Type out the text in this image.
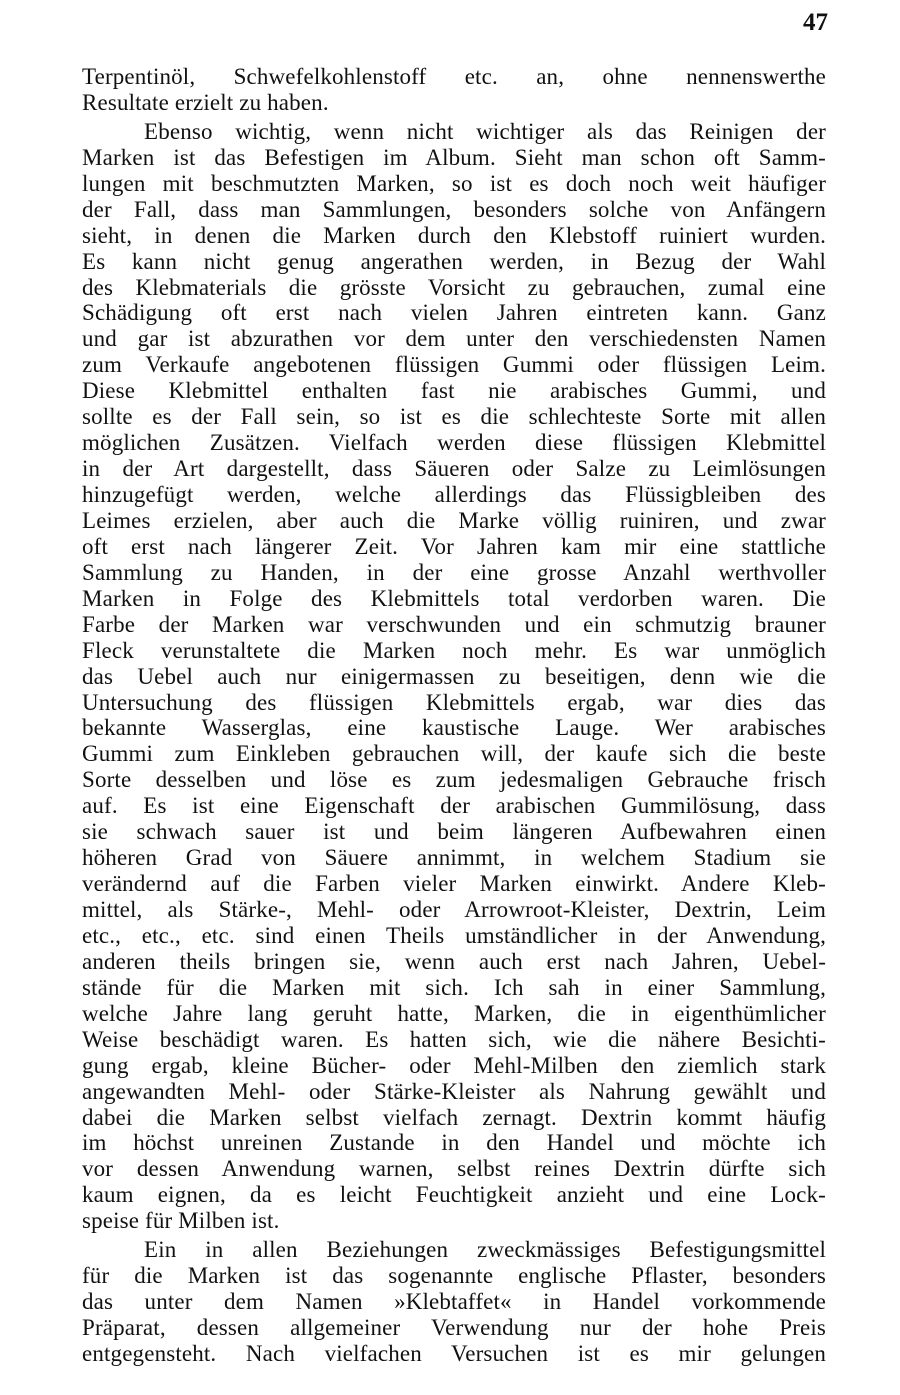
47
Terpentinöl, Schwefelkohlenstoff etc. an, ohne nennenswerthe
Resultate erzielt zu haben.
Ebenso wichtig, wenn nicht wichtiger als das Reinigen der
Marken ist das Befestigen im Album. Sieht man schon oft Samm-
lungen mit beschmutzten Marken, so ist es doch noch weit häufiger
der Fall, dass man Sammlungen, besonders solche von Anfängern
sieht, in denen die Marken durch den Klebstoff ruiniert wurden.
Es kann nicht genug angerathen werden, in Bezug der Wahl
des Klebmaterials die grösste Vorsicht zu gebrauchen, zumal eine
Schädigung oft erst nach vielen Jahren eintreten kann. Ganz
und gar ist abzurathen vor dem unter den verschiedensten Namen
zum Verkaufe angebotenen flüssigen Gummi oder flüssigen Leim.
Diese Klebmittel enthalten fast nie arabisches Gummi, und
sollte es der Fall sein, so ist es die schlechteste Sorte mit allen
möglichen Zusätzen. Vielfach werden diese flüssigen Klebmittel
in der Art dargestellt, dass Säueren oder Salze zu Leimlösungen
hinzugefügt werden, welche allerdings das Flüssigbleiben des
Leimes erzielen, aber auch die Marke völlig ruiniren, und zwar
oft erst nach längerer Zeit. Vor Jahren kam mir eine stattliche
Sammlung zu Handen, in der eine grosse Anzahl werthvoller
Marken in Folge des Klebmittels total verdorben waren. Die
Farbe der Marken war verschwunden und ein schmutzig brauner
Fleck verunstaltete die Marken noch mehr. Es war unmöglich
das Uebel auch nur einigermassen zu beseitigen, denn wie die
Untersuchung des flüssigen Klebmittels ergab, war dies das
bekannte Wasserglas, eine kaustische Lauge. Wer arabisches
Gummi zum Einkleben gebrauchen will, der kaufe sich die beste
Sorte desselben und löse es zum jedesmaligen Gebrauche frisch
auf. Es ist eine Eigenschaft der arabischen Gummilösung, dass
sie schwach sauer ist und beim längeren Aufbewahren einen
höheren Grad von Säuere annimmt, in welchem Stadium sie
verändernd auf die Farben vieler Marken einwirkt. Andere Kleb-
mittel, als Stärke-, Mehl- oder Arrowroot-Kleister, Dextrin, Leim
etc., etc., etc. sind einen Theils umständlicher in der Anwendung,
anderen theils bringen sie, wenn auch erst nach Jahren, Uebel-
stände für die Marken mit sich. Ich sah in einer Sammlung,
welche Jahre lang geruht hatte, Marken, die in eigenthümlicher
Weise beschädigt waren. Es hatten sich, wie die nähere Besichti-
gung ergab, kleine Bücher- oder Mehl-Milben den ziemlich stark
angewandten Mehl- oder Stärke-Kleister als Nahrung gewählt und
dabei die Marken selbst vielfach zernagt. Dextrin kommt häufig
im höchst unreinen Zustande in den Handel und möchte ich
vor dessen Anwendung warnen, selbst reines Dextrin dürfte sich
kaum eignen, da es leicht Feuchtigkeit anzieht und eine Lock-
speise für Milben ist.
Ein in allen Beziehungen zweckmässiges Befestigungsmittel
für die Marken ist das sogenannte englische Pflaster, besonders
das unter dem Namen »Klebtaffet« in Handel vorkommende
Präparat, dessen allgemeiner Verwendung nur der hohe Preis
entgegensteht. Nach vielfachen Versuchen ist es mir gelungen
